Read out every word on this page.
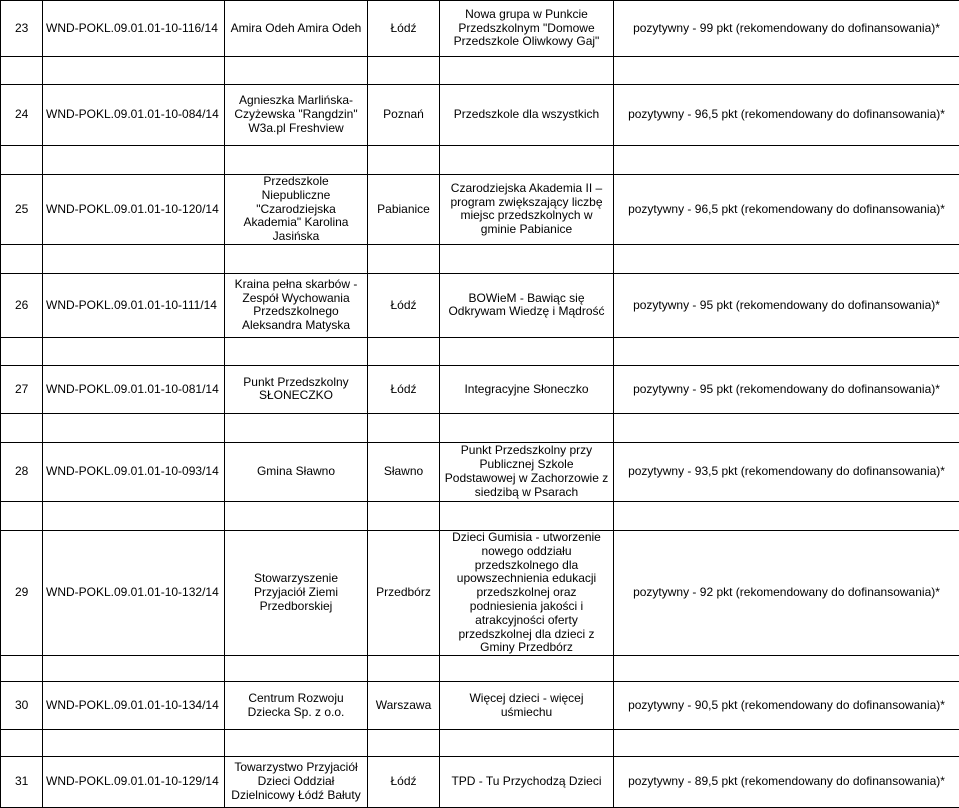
23	WND-POKL.09.01.01-10-116/14	Amira Odeh Amira Odeh	Łódź	Nowa grupa w Punkcie Przedszkolnym "Domowe Przedszkole Oliwkowy Gaj"	pozytywny - 99 pkt (rekomendowany do dofinansowania)*

24	WND-POKL.09.01.01-10-084/14	Agnieszka Marlińska-Czyżewska "Rangdzin" W3a.pl Freshview	Poznań	Przedszkole dla wszystkich	pozytywny - 96,5 pkt (rekomendowany do dofinansowania)*

25	WND-POKL.09.01.01-10-120/14	Przedszkole Niepubliczne "Czarodziejska Akademia" Karolina Jasińska	Pabianice	Czarodziejska Akademia II – program zwiększający liczbę miejsc przedszkolnych w gminie Pabianice	pozytywny - 96,5 pkt (rekomendowany do dofinansowania)*

26	WND-POKL.09.01.01-10-111/14	Kraina pełna skarbów - Zespół Wychowania Przedszkolnego Aleksandra Matyska	Łódź	BOWieM - Bawiąc się Odkrywam Wiedzę i Mądrość	pozytywny - 95 pkt (rekomendowany do dofinansowania)*

27	WND-POKL.09.01.01-10-081/14	Punkt Przedszkolny SŁONECZKO	Łódź	Integracyjne Słoneczko	pozytywny - 95 pkt (rekomendowany do dofinansowania)*

28	WND-POKL.09.01.01-10-093/14	Gmina Sławno	Sławno	Punkt Przedszkolny przy Publicznej Szkole Podstawowej w Zachorzowie z siedzibą w Psarach	pozytywny - 93,5 pkt (rekomendowany do dofinansowania)*

29	WND-POKL.09.01.01-10-132/14	Stowarzyszenie Przyjaciół Ziemi Przedborskiej	Przedbórz	Dzieci Gumisia - utworzenie nowego oddziału przedszkolnego dla upowszechnienia edukacji przedszkolnej oraz podniesienia jakości i atrakcyjności oferty przedszkolnej dla dzieci z Gminy Przedbórz	pozytywny - 92 pkt (rekomendowany do dofinansowania)*

30	WND-POKL.09.01.01-10-134/14	Centrum Rozwoju Dziecka Sp. z o.o.	Warszawa	Więcej dzieci - więcej uśmiechu	pozytywny - 90,5 pkt (rekomendowany do dofinansowania)*

31	WND-POKL.09.01.01-10-129/14	Towarzystwo Przyjaciół Dzieci Oddział Dzielnicowy Łódź Bałuty	Łódź	TPD - Tu Przychodzą Dzieci	pozytywny - 89,5 pkt (rekomendowany do dofinansowania)*
